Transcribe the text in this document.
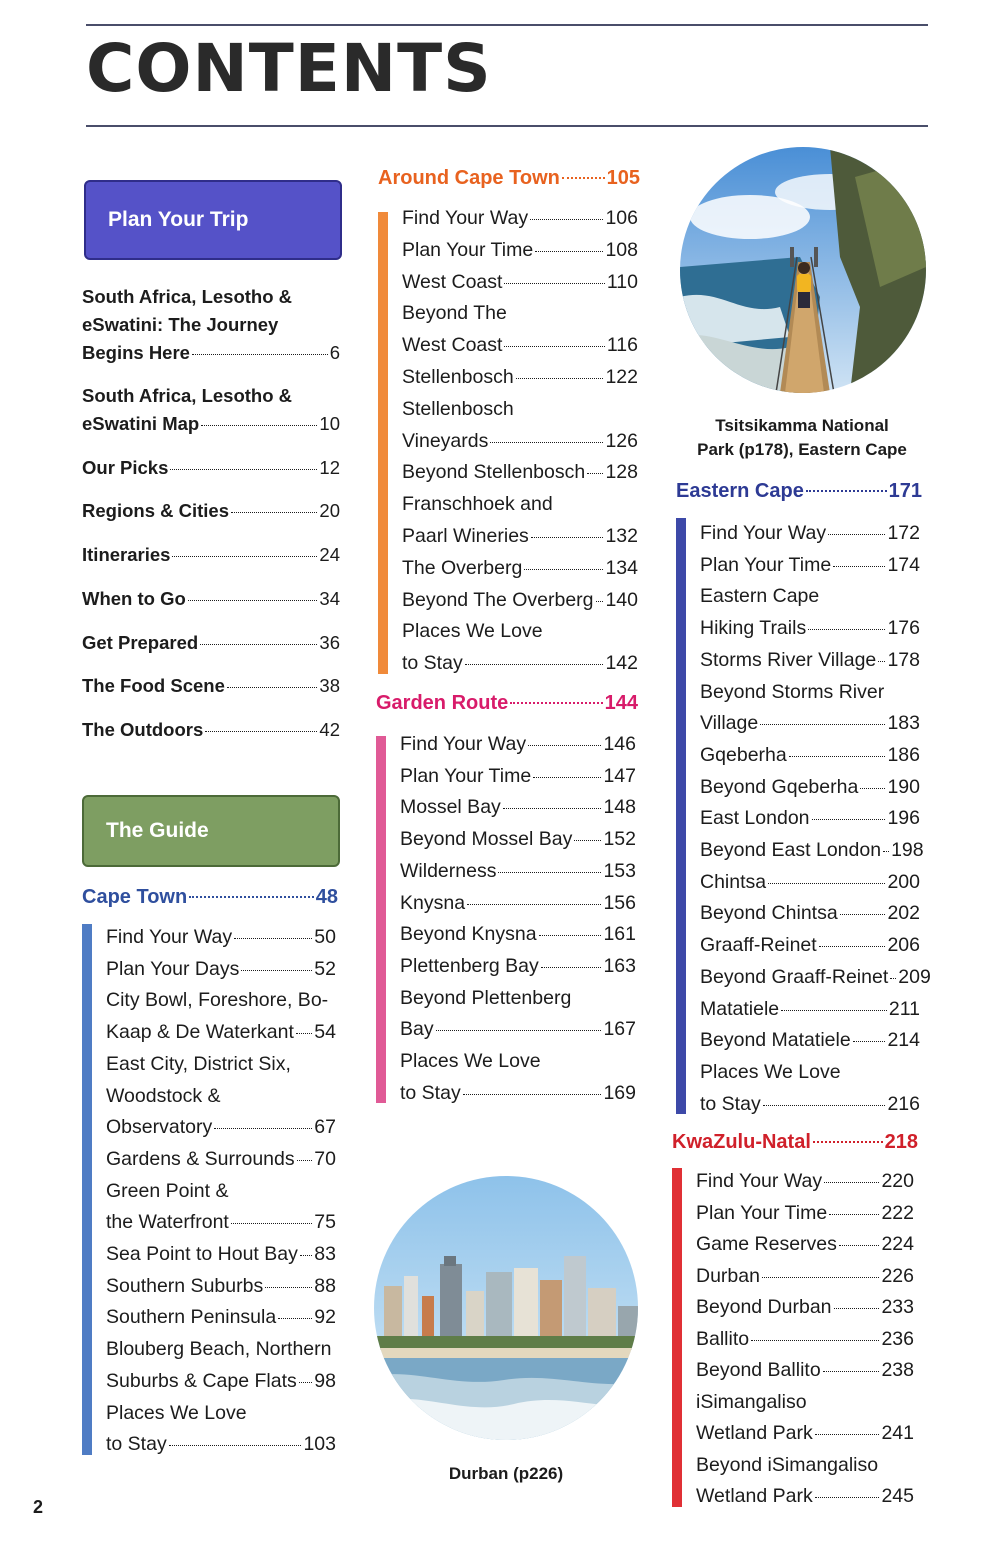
CONTENTS
Plan Your Trip
South Africa, Lesotho &
eSwatini: The Journey
Begins Here	6
South Africa, Lesotho &
eSwatini Map	10
Our Picks	12
Regions & Cities	20
Itineraries	24
When to Go	34
Get Prepared	36
The Food Scene	38
The Outdoors	42
The Guide
Cape Town	48
Find Your Way	50
Plan Your Days	52
City Bowl, Foreshore, Bo-
Kaap & De Waterkant 54
East City, District Six,
Woodstock &
Observatory	67
Gardens & Surrounds 70
Green Point &
the Waterfront	75
Sea Point to Hout Bay 83
Southern Suburbs	88
Southern Peninsula 92
Blouberg Beach, Northern
Suburbs & Cape Flats 98
Places We Love
to Stay	103
Around Cape Town 105
Find Your Way	106
Plan Your Time	108
West Coast	110
Beyond The
West Coast	116
Stellenbosch	122
Stellenbosch
Vineyards	126
Beyond Stellenbosch 128
Franschhoek and
Paarl Wineries	132
The Overberg	134
Beyond The Overberg 140
Places We Love
to Stay	142
Garden Route	144
Find Your Way	146
Plan Your Time	147
Mossel Bay	148
Beyond Mossel Bay 152
Wilderness	153
Knysna	156
Beyond Knysna	161
Plettenberg Bay	163
Beyond Plettenberg
Bay	167
Places We Love
to Stay	169
Eastern Cape	171
Find Your Way	172
Plan Your Time	174
Eastern Cape
Hiking Trails	176
Storms River Village 178
Beyond Storms River
Village	183
Gqeberha	186
Beyond Gqeberha 190
East London	196
Beyond East London 198
Chintsa	200
Beyond Chintsa	202
Graaff-Reinet	206
Beyond Graaff-Reinet 209
Matatiele	211
Beyond Matatiele 214
Places We Love
to Stay	216
KwaZulu-Natal	218
Find Your Way	220
Plan Your Time	222
Game Reserves 224
Durban	226
Beyond Durban	233
Ballito	236
Beyond Ballito	238
iSimangaliso
Wetland Park	241
Beyond iSimangaliso
Wetland Park	245
Tsitsikamma National
Park (p178), Eastern Cape
Durban (p226)
2
